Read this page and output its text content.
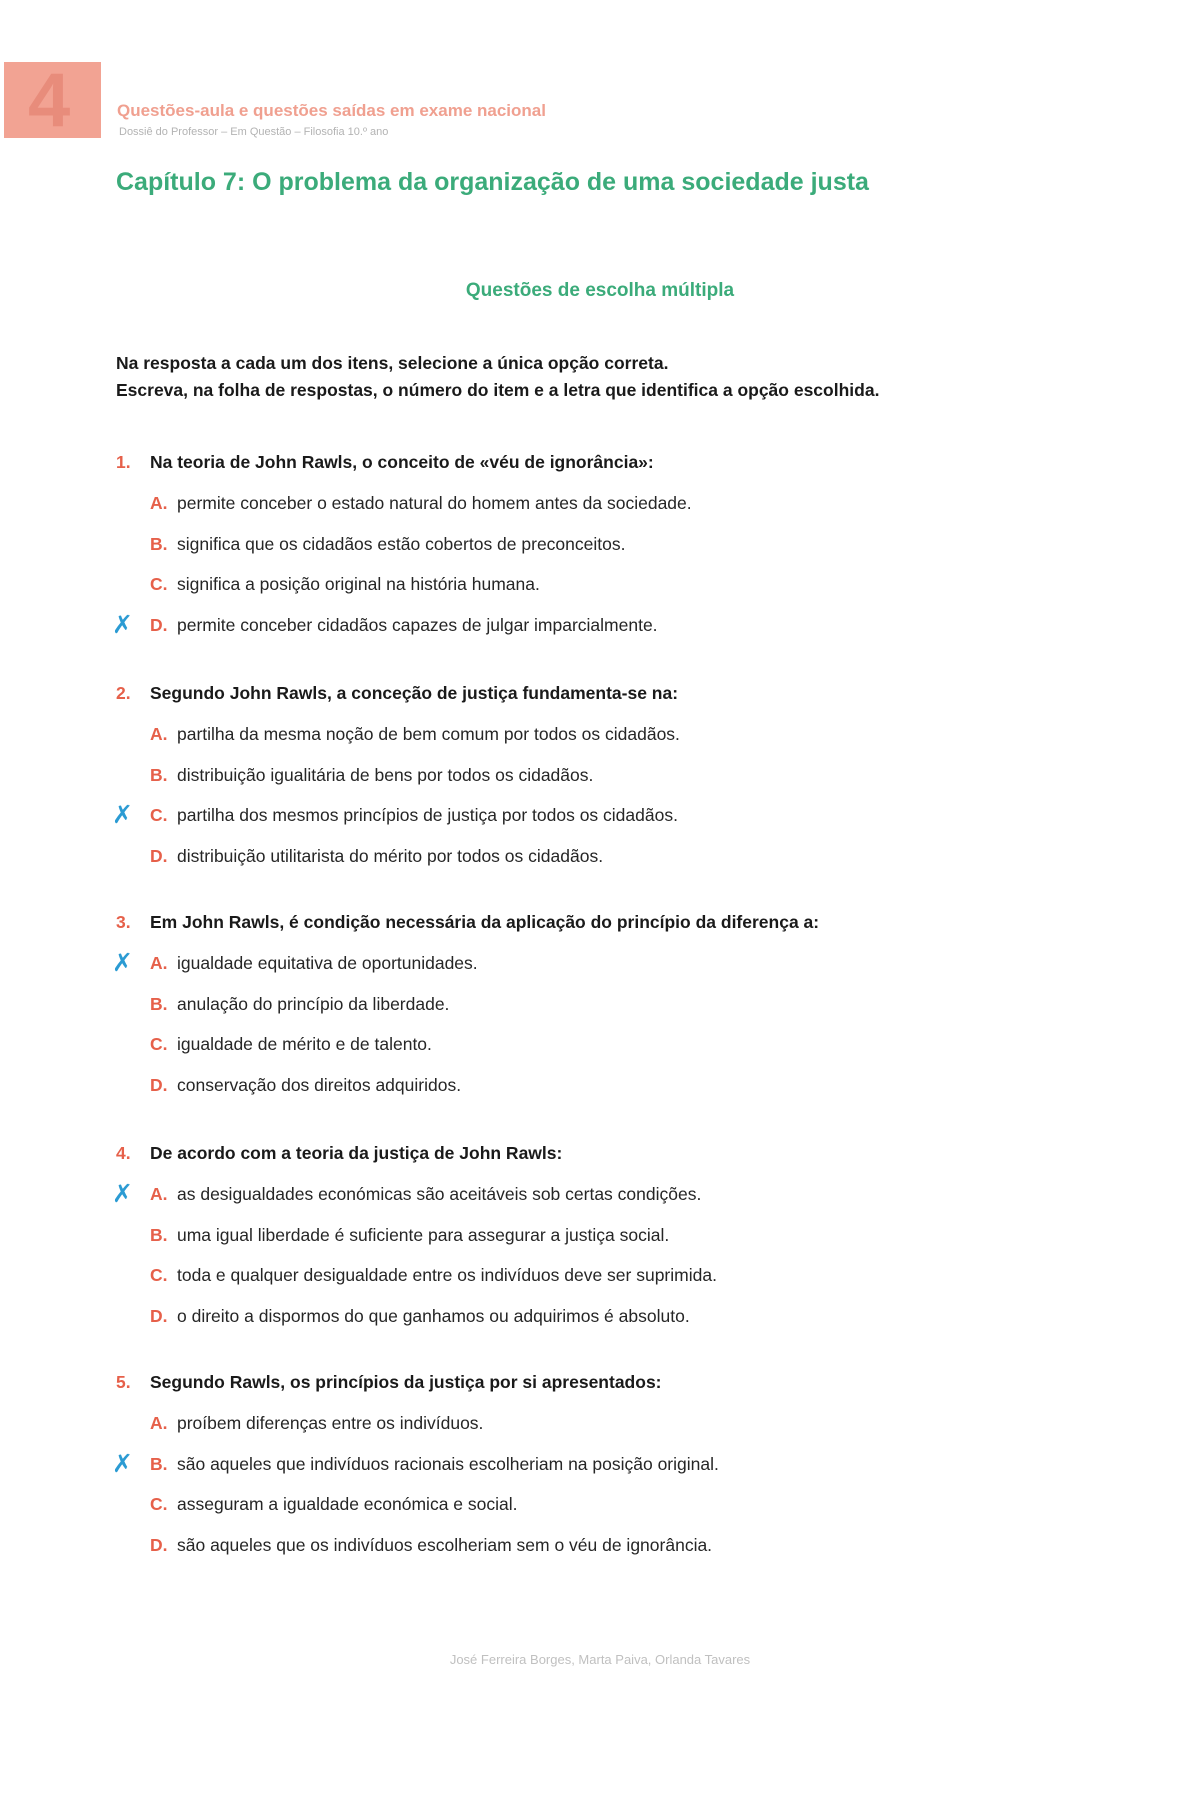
4	Questões-aula e questões saídas em exame nacional
Dossiê do Professor – Em Questão – Filosofia 10.º ano
Capítulo 7: O problema da organização de uma sociedade justa
Questões de escolha múltipla
Na resposta a cada um dos itens, selecione a única opção correta.
Escreva, na folha de respostas, o número do item e a letra que identifica a opção escolhida.
1. Na teoria de John Rawls, o conceito de «véu de ignorância»:
A. permite conceber o estado natural do homem antes da sociedade.
B. significa que os cidadãos estão cobertos de preconceitos.
C. significa a posição original na história humana.
✗ D. permite conceber cidadãos capazes de julgar imparcialmente.
2. Segundo John Rawls, a conceção de justiça fundamenta-se na:
A. partilha da mesma noção de bem comum por todos os cidadãos.
B. distribuição igualitária de bens por todos os cidadãos.
✗ C. partilha dos mesmos princípios de justiça por todos os cidadãos.
D. distribuição utilitarista do mérito por todos os cidadãos.
3. Em John Rawls, é condição necessária da aplicação do princípio da diferença a:
✗ A. igualdade equitativa de oportunidades.
B. anulação do princípio da liberdade.
C. igualdade de mérito e de talento.
D. conservação dos direitos adquiridos.
4. De acordo com a teoria da justiça de John Rawls:
✗ A. as desigualdades económicas são aceitáveis sob certas condições.
B. uma igual liberdade é suficiente para assegurar a justiça social.
C. toda e qualquer desigualdade entre os indivíduos deve ser suprimida.
D. o direito a dispormos do que ganhamos ou adquirimos é absoluto.
5. Segundo Rawls, os princípios da justiça por si apresentados:
A. proíbem diferenças entre os indivíduos.
✗ B. são aqueles que indivíduos racionais escolheriam na posição original.
C. asseguram a igualdade económica e social.
D. são aqueles que os indivíduos escolheriam sem o véu de ignorância.
José Ferreira Borges, Marta Paiva, Orlanda Tavares
